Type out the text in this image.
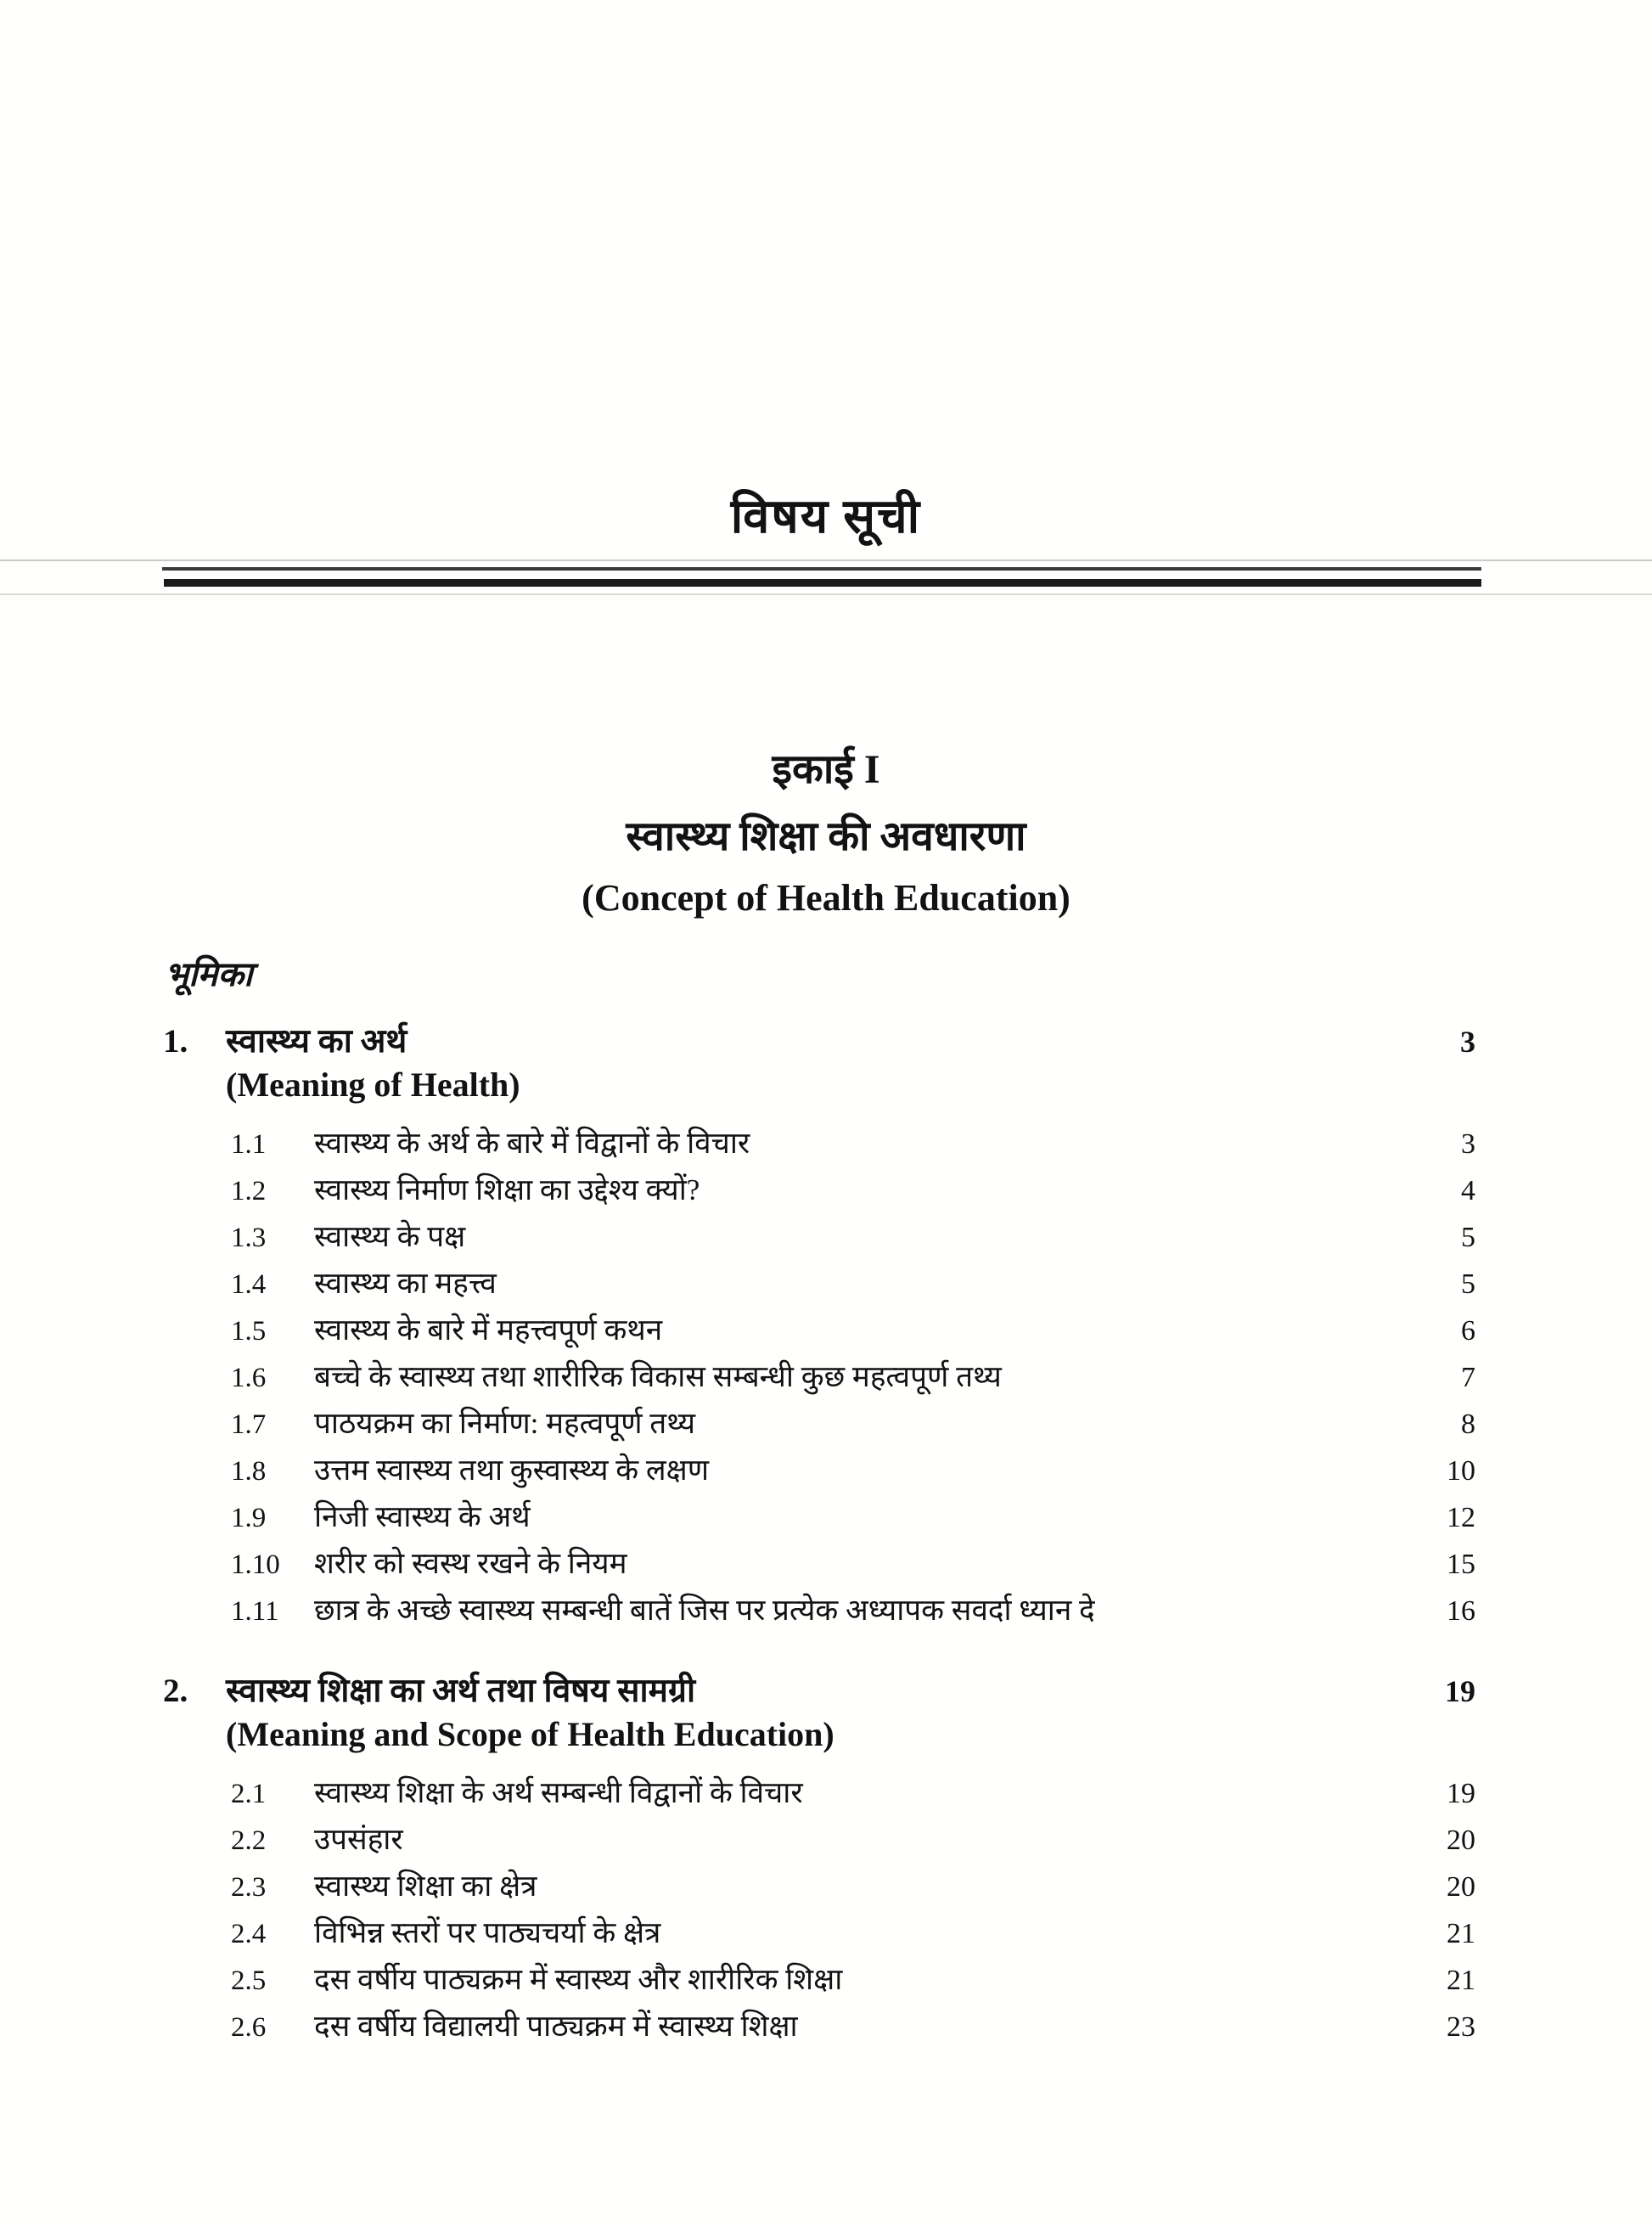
विषय सूची
इकाई I
स्वास्थ्य शिक्षा की अवधारणा
(Concept of Health Education)
भूमिका
1.	स्वास्थ्य का अर्थ	3
(Meaning of Health)
1.1	स्वास्थ्य के अर्थ के बारे में विद्वानों के विचार	3
1.2	स्वास्थ्य निर्माण शिक्षा का उद्देश्य क्यों?	4
1.3	स्वास्थ्य के पक्ष	5
1.4	स्वास्थ्य का महत्त्व	5
1.5	स्वास्थ्य के बारे में महत्त्वपूर्ण कथन	6
1.6	बच्चे के स्वास्थ्य तथा शारीरिक विकास सम्बन्धी कुछ महत्वपूर्ण तथ्य	7
1.7	पाठयक्रम का निर्माण: महत्वपूर्ण तथ्य	8
1.8	उत्तम स्वास्थ्य तथा कुस्वास्थ्य के लक्षण	10
1.9	निजी स्वास्थ्य के अर्थ	12
1.10	शरीर को स्वस्थ रखने के नियम	15
1.11	छात्र के अच्छे स्वास्थ्य सम्बन्धी बातें जिस पर प्रत्येक अध्यापक सवर्दा ध्यान दे	16
2.	स्वास्थ्य शिक्षा का अर्थ तथा विषय सामग्री	19
(Meaning and Scope of Health Education)
2.1	स्वास्थ्य शिक्षा के अर्थ सम्बन्धी विद्वानों के विचार	19
2.2	उपसंहार	20
2.3	स्वास्थ्य शिक्षा का क्षेत्र	20
2.4	विभिन्न स्तरों पर पाठ्यचर्या के क्षेत्र	21
2.5	दस वर्षीय पाठ्यक्रम में स्वास्थ्य और शारीरिक शिक्षा	21
2.6	दस वर्षीय विद्यालयी पाठ्यक्रम में स्वास्थ्य शिक्षा	23
